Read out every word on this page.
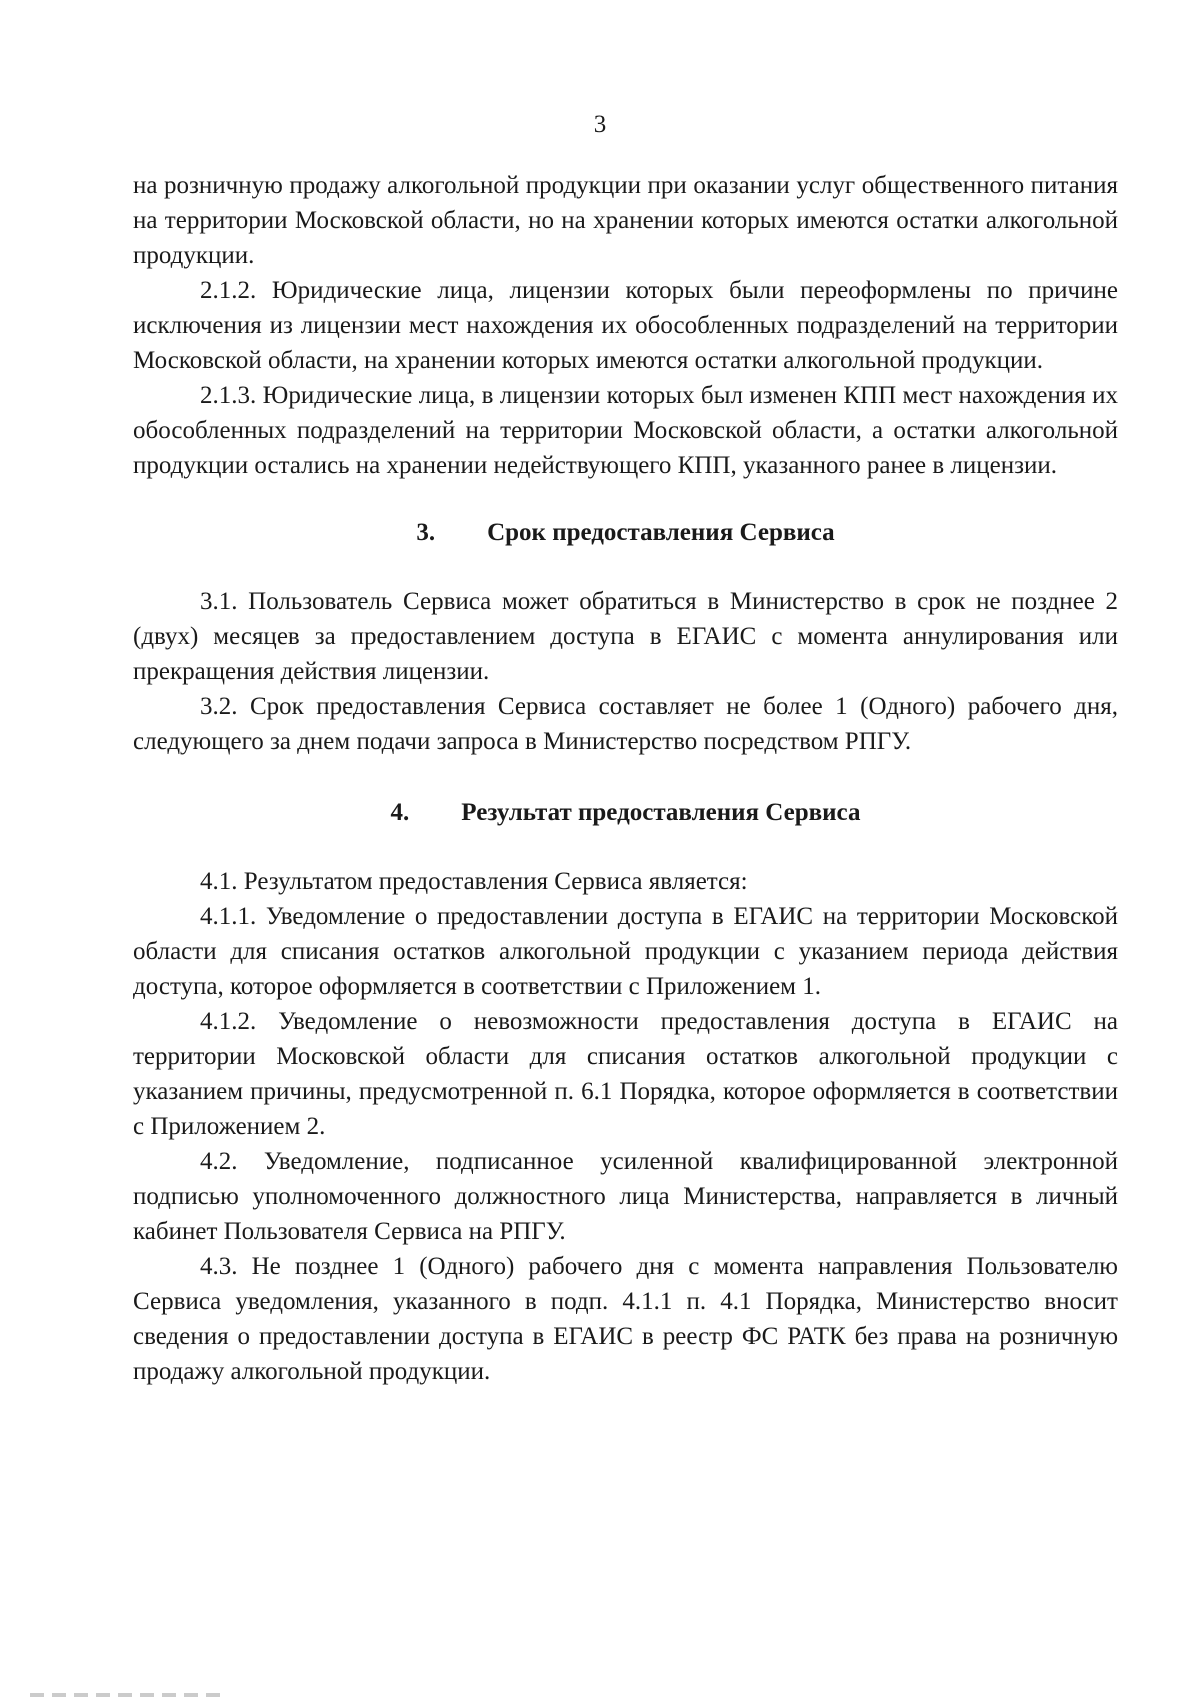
3

на розничную продажу алкогольной продукции при оказании услуг общественного питания на территории Московской области, но на хранении которых имеются остатки алкогольной продукции.

2.1.2. Юридические лица, лицензии которых были переоформлены по причине исключения из лицензии мест нахождения их обособленных подразделений на территории Московской области, на хранении которых имеются остатки алкогольной продукции.

2.1.3. Юридические лица, в лицензии которых был изменен КПП мест нахождения их обособленных подразделений на территории Московской области, а остатки алкогольной продукции остались на хранении недействующего КПП, указанного ранее в лицензии.

3. Срок предоставления Сервиса

3.1. Пользователь Сервиса может обратиться в Министерство в срок не позднее 2 (двух) месяцев за предоставлением доступа в ЕГАИС с момента аннулирования или прекращения действия лицензии.

3.2. Срок предоставления Сервиса составляет не более 1 (Одного) рабочего дня, следующего за днем подачи запроса в Министерство посредством РПГУ.

4. Результат предоставления Сервиса

4.1. Результатом предоставления Сервиса является:

4.1.1. Уведомление о предоставлении доступа в ЕГАИС на территории Московской области для списания остатков алкогольной продукции с указанием периода действия доступа, которое оформляется в соответствии с Приложением 1.

4.1.2. Уведомление о невозможности предоставления доступа в ЕГАИС на территории Московской области для списания остатков алкогольной продукции с указанием причины, предусмотренной п. 6.1 Порядка, которое оформляется в соответствии с Приложением 2.

4.2. Уведомление, подписанное усиленной квалифицированной электронной подписью уполномоченного должностного лица Министерства, направляется в личный кабинет Пользователя Сервиса на РПГУ.

4.3. Не позднее 1 (Одного) рабочего дня с момента направления Пользователю Сервиса уведомления, указанного в подп. 4.1.1 п. 4.1 Порядка, Министерство вносит сведения о предоставлении доступа в ЕГАИС в реестр ФС РАТК без права на розничную продажу алкогольной продукции.
